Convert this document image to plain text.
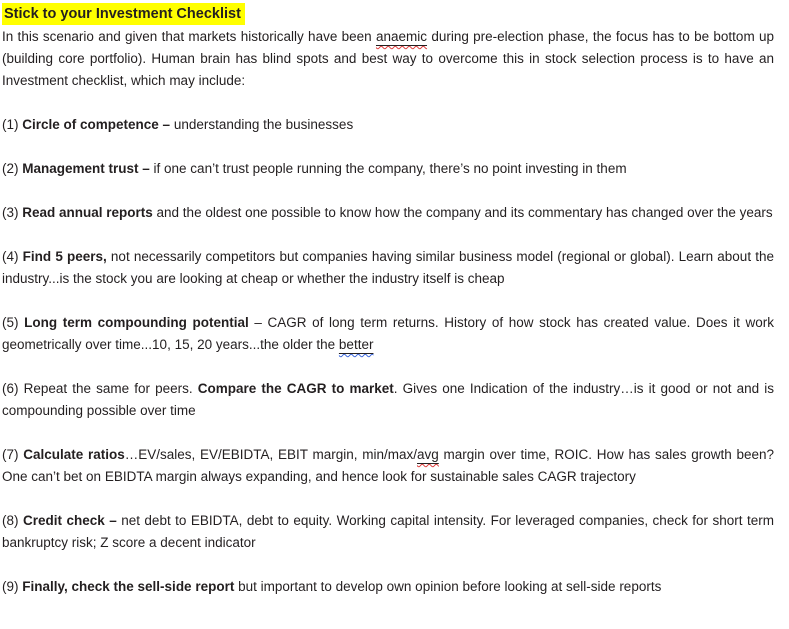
Stick to your Investment Checklist

In this scenario and given that markets historically have been anaemic during pre-election phase, the focus has to be bottom up (building core portfolio). Human brain has blind spots and best way to overcome this in stock selection process is to have an Investment checklist, which may include:

(1) Circle of competence – understanding the businesses

(2) Management trust – if one can’t trust people running the company, there’s no point investing in them

(3) Read annual reports and the oldest one possible to know how the company and its commentary has changed over the years

(4) Find 5 peers, not necessarily competitors but companies having similar business model (regional or global). Learn about the industry...is the stock you are looking at cheap or whether the industry itself is cheap

(5) Long term compounding potential – CAGR of long term returns. History of how stock has created value. Does it work geometrically over time...10, 15, 20 years...the older the better

(6) Repeat the same for peers. Compare the CAGR to market. Gives one Indication of the industry…is it good or not and is compounding possible over time

(7) Calculate ratios…EV/sales, EV/EBIDTA, EBIT margin, min/max/avg margin over time, ROIC. How has sales growth been? One can’t bet on EBIDTA margin always expanding, and hence look for sustainable sales CAGR trajectory

(8) Credit check – net debt to EBIDTA, debt to equity. Working capital intensity. For leveraged companies, check for short term bankruptcy risk; Z score a decent indicator

(9) Finally, check the sell-side report but important to develop own opinion before looking at sell-side reports
